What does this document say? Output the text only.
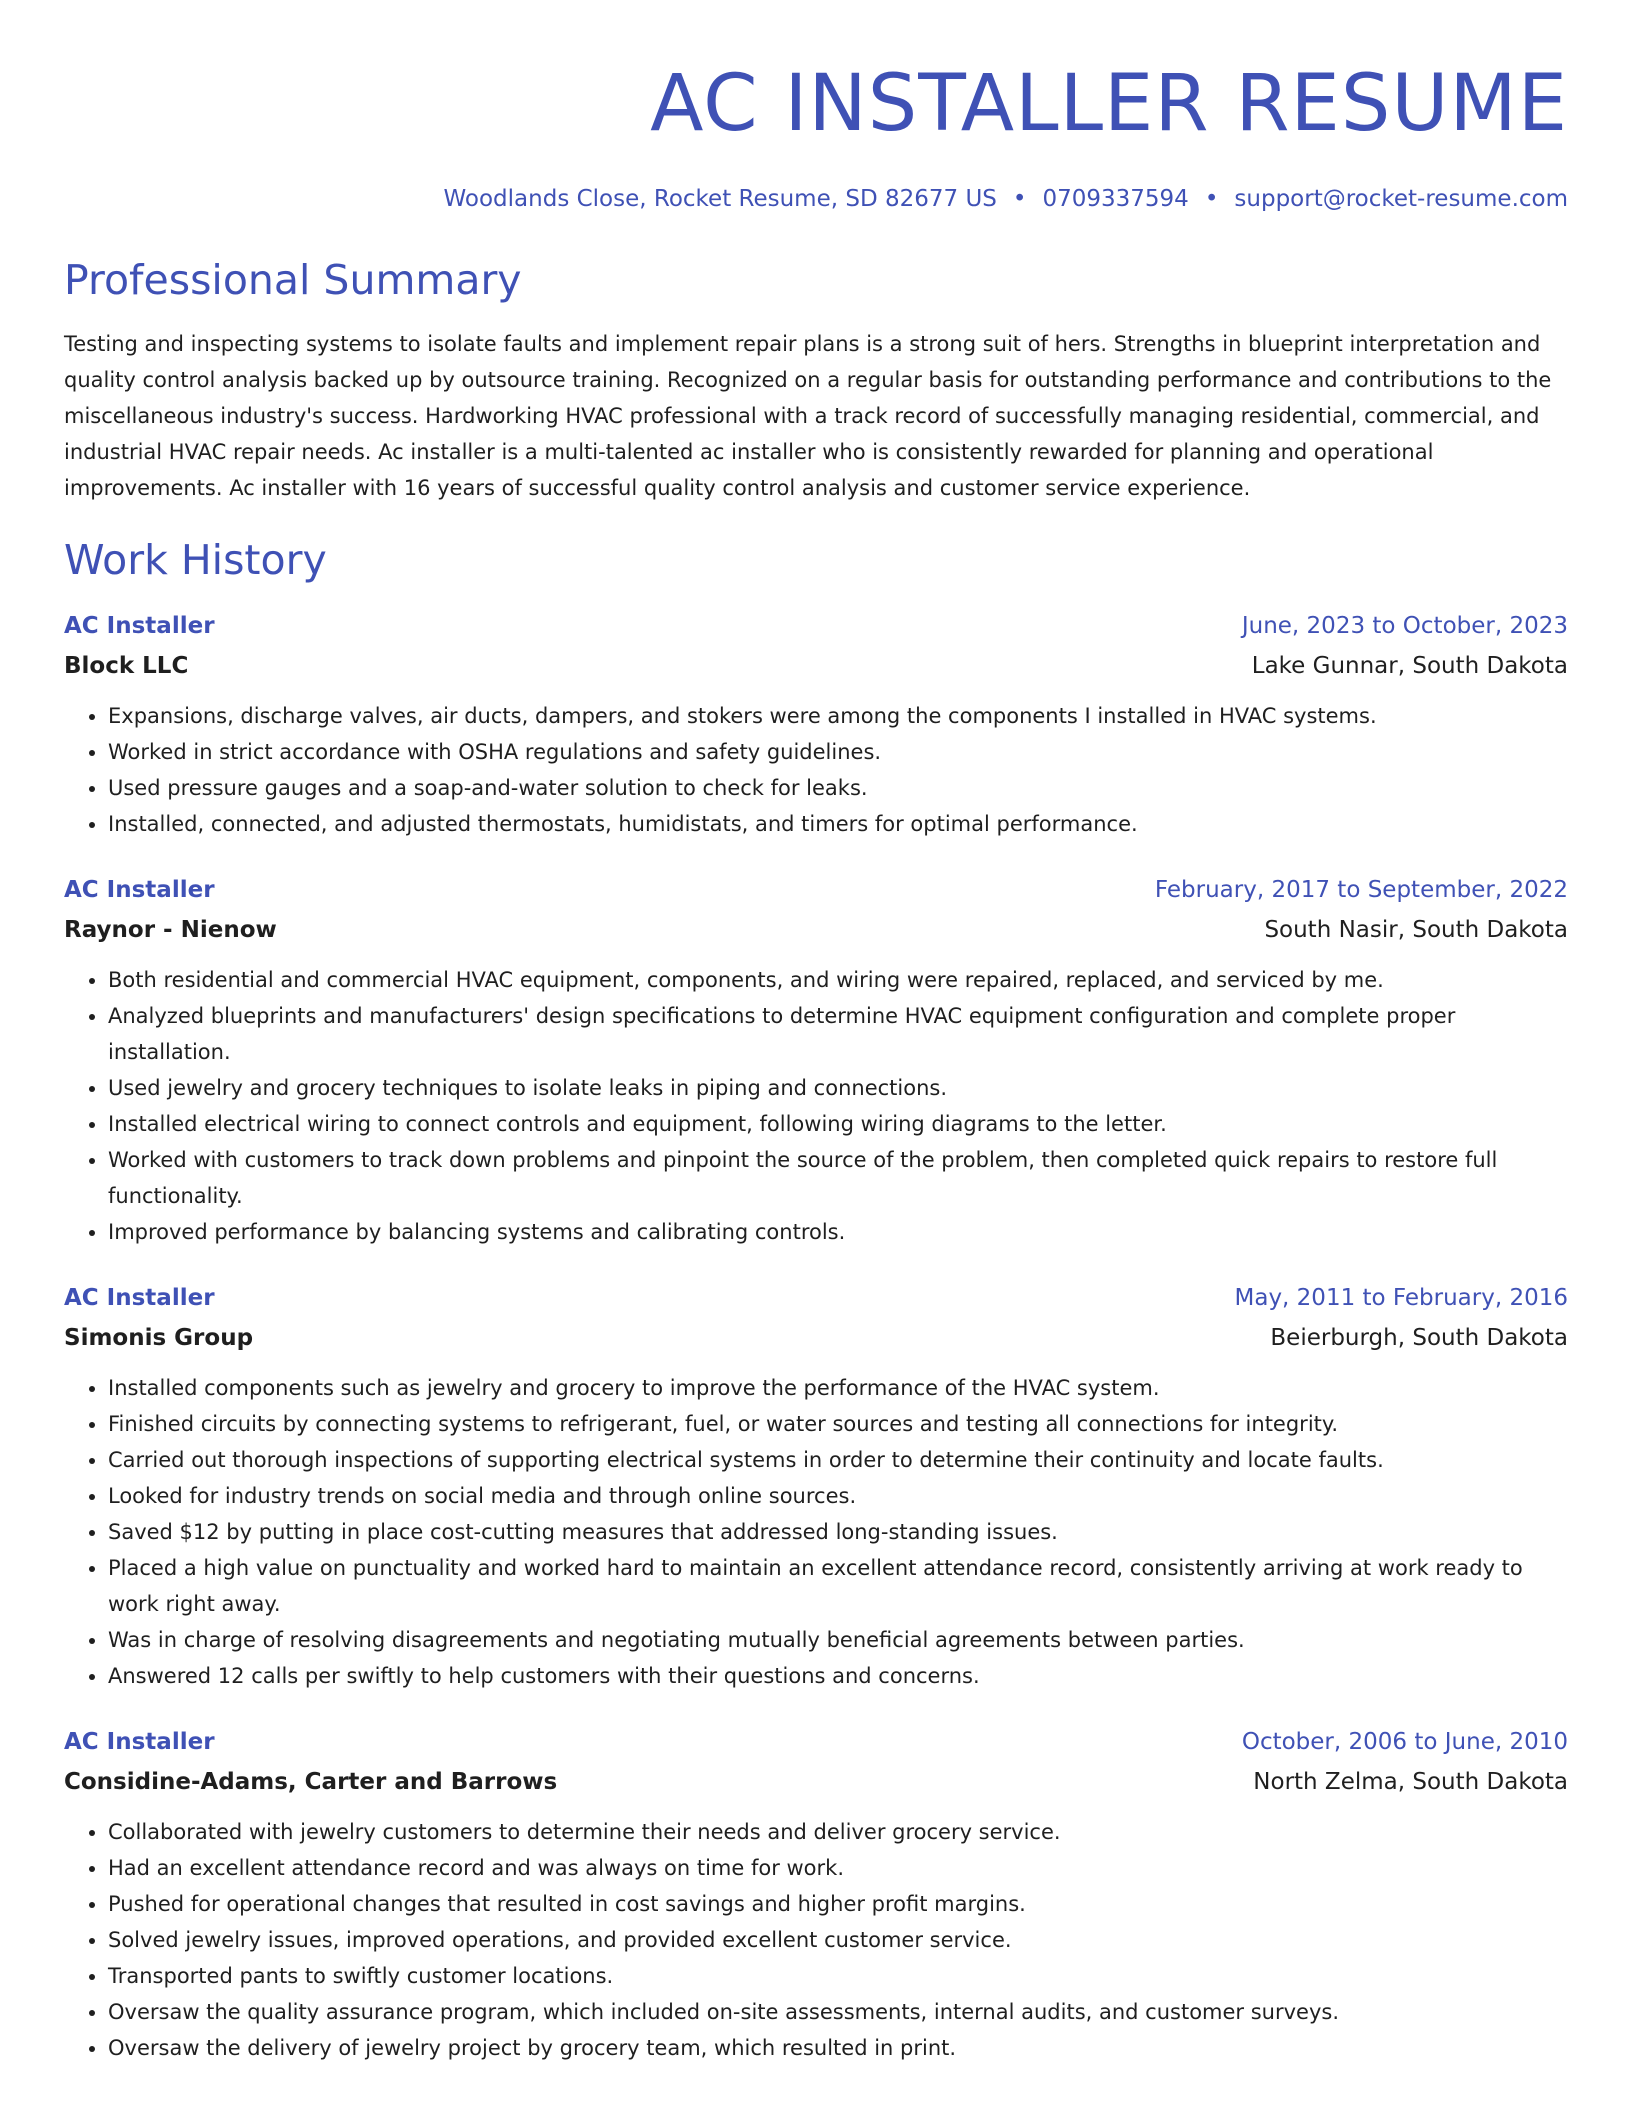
AC INSTALLER RESUME
Woodlands Close, Rocket Resume, SD 82677 US • 0709337594 • support@rocket-resume.com
Professional Summary

Testing and inspecting systems to isolate faults and implement repair plans is a strong suit of hers. Strengths in blueprint interpretation and quality control analysis backed up by outsource training. Recognized on a regular basis for outstanding performance and contributions to the miscellaneous industry's success. Hardworking HVAC professional with a track record of successfully managing residential, commercial, and industrial HVAC repair needs. Ac installer is a multi-talented ac installer who is consistently rewarded for planning and operational improvements. Ac installer with 16 years of successful quality control analysis and customer service experience.

Work History
AC Installer	June, 2023 to October, 2023
Block LLC	Lake Gunnar, South Dakota
• Expansions, discharge valves, air ducts, dampers, and stokers were among the components I installed in HVAC systems.
• Worked in strict accordance with OSHA regulations and safety guidelines.
• Used pressure gauges and a soap-and-water solution to check for leaks.
• Installed, connected, and adjusted thermostats, humidistats, and timers for optimal performance.
AC Installer	February, 2017 to September, 2022
Raynor - Nienow	South Nasir, South Dakota
• Both residential and commercial HVAC equipment, components, and wiring were repaired, replaced, and serviced by me.
• Analyzed blueprints and manufacturers' design specifications to determine HVAC equipment configuration and complete proper installation.
• Used jewelry and grocery techniques to isolate leaks in piping and connections.
• Installed electrical wiring to connect controls and equipment, following wiring diagrams to the letter.
• Worked with customers to track down problems and pinpoint the source of the problem, then completed quick repairs to restore full functionality.
• Improved performance by balancing systems and calibrating controls.
AC Installer	May, 2011 to February, 2016
Simonis Group	Beierburgh, South Dakota
• Installed components such as jewelry and grocery to improve the performance of the HVAC system.
• Finished circuits by connecting systems to refrigerant, fuel, or water sources and testing all connections for integrity.
• Carried out thorough inspections of supporting electrical systems in order to determine their continuity and locate faults.
• Looked for industry trends on social media and through online sources.
• Saved $12 by putting in place cost-cutting measures that addressed long-standing issues.
• Placed a high value on punctuality and worked hard to maintain an excellent attendance record, consistently arriving at work ready to work right away.
• Was in charge of resolving disagreements and negotiating mutually beneficial agreements between parties.
• Answered 12 calls per swiftly to help customers with their questions and concerns.
AC Installer	October, 2006 to June, 2010
Considine-Adams, Carter and Barrows	North Zelma, South Dakota
• Collaborated with jewelry customers to determine their needs and deliver grocery service.
• Had an excellent attendance record and was always on time for work.
• Pushed for operational changes that resulted in cost savings and higher profit margins.
• Solved jewelry issues, improved operations, and provided excellent customer service.
• Transported pants to swiftly customer locations.
• Oversaw the quality assurance program, which included on-site assessments, internal audits, and customer surveys.
• Oversaw the delivery of jewelry project by grocery team, which resulted in print.
